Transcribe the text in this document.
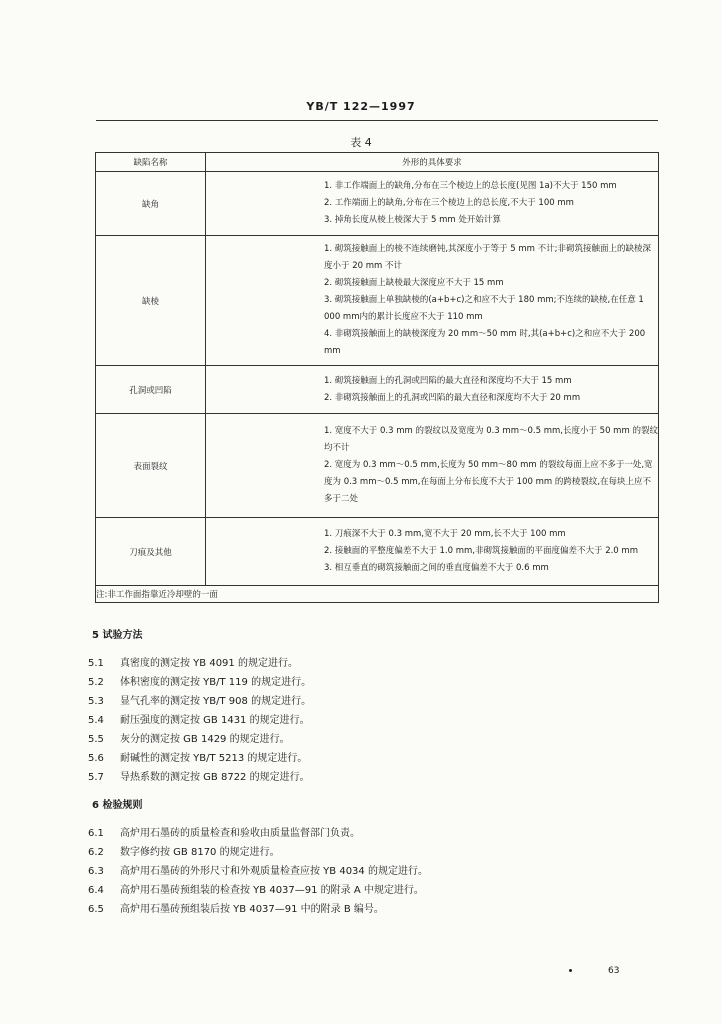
YB/T 122—1997
表 4
缺陷名称	外形的具体要求
缺角	1. 非工作端面上的缺角,分布在三个棱边上的总长度(见图 1a)不大于 150 mm
2. 工作端面上的缺角,分布在三个棱边上的总长度,不大于 100 mm
3. 掉角长度从棱上棱深大于 5 mm 处开始计算

缺棱	1. 砌筑接触面上的棱不连续磨钝,其深度小于等于 5 mm 不计;非砌筑接触面上的缺棱深度小于 20 mm 不计
2. 砌筑接触面上缺棱最大深度应不大于 15 mm
3. 砌筑接触面上单独缺棱的(a+b+c)之和应不大于 180 mm;不连续的缺棱,在任意 1 000 mm内的累计长度应不大于 110 mm
4. 非砌筑接触面上的缺棱深度为 20 mm～50 mm 时,其(a+b+c)之和应不大于 200 mm

孔洞或凹陷	1. 砌筑接触面上的孔洞或凹陷的最大直径和深度均不大于 15 mm
2. 非砌筑接触面上的孔洞或凹陷的最大直径和深度均不大于 20 mm

表面裂纹	1. 宽度不大于 0.3 mm 的裂纹以及宽度为 0.3 mm～0.5 mm,长度小于 50 mm 的裂纹均不计
2. 宽度为 0.3 mm～0.5 mm,长度为 50 mm～80 mm 的裂纹每面上应不多于一处,宽度为 0.3 mm～0.5 mm,在每面上分布长度不大于 100 mm 的跨棱裂纹,在每块上应不多于二处

刀痕及其他	1. 刀痕深不大于 0.3 mm,宽不大于 20 mm,长不大于 100 mm
2. 接触面的平整度偏差不大于 1.0 mm,非砌筑接触面的平面度偏差不大于 2.0 mm
3. 相互垂直的砌筑接触面之间的垂直度偏差不大于 0.6 mm

注:非工作面指靠近冷却壁的一面	
5 试验方法
5.1 真密度的测定按 YB 4091 的规定进行。
5.2 体积密度的测定按 YB/T 119 的规定进行。
5.3 显气孔率的测定按 YB/T 908 的规定进行。
5.4 耐压强度的测定按 GB 1431 的规定进行。
5.5 灰分的测定按 GB 1429 的规定进行。
5.6 耐碱性的测定按 YB/T 5213 的规定进行。
5.7 导热系数的测定按 GB 8722 的规定进行。
6 检验规则
6.1 高炉用石墨砖的质量检查和验收由质量监督部门负责。
6.2 数字修约按 GB 8170 的规定进行。
6.3 高炉用石墨砖的外形尺寸和外观质量检查应按 YB 4034 的规定进行。
6.4 高炉用石墨砖预组装的检查按 YB 4037—91 的附录 A 中规定进行。
6.5 高炉用石墨砖预组装后按 YB 4037—91 中的附录 B 编号。
63
